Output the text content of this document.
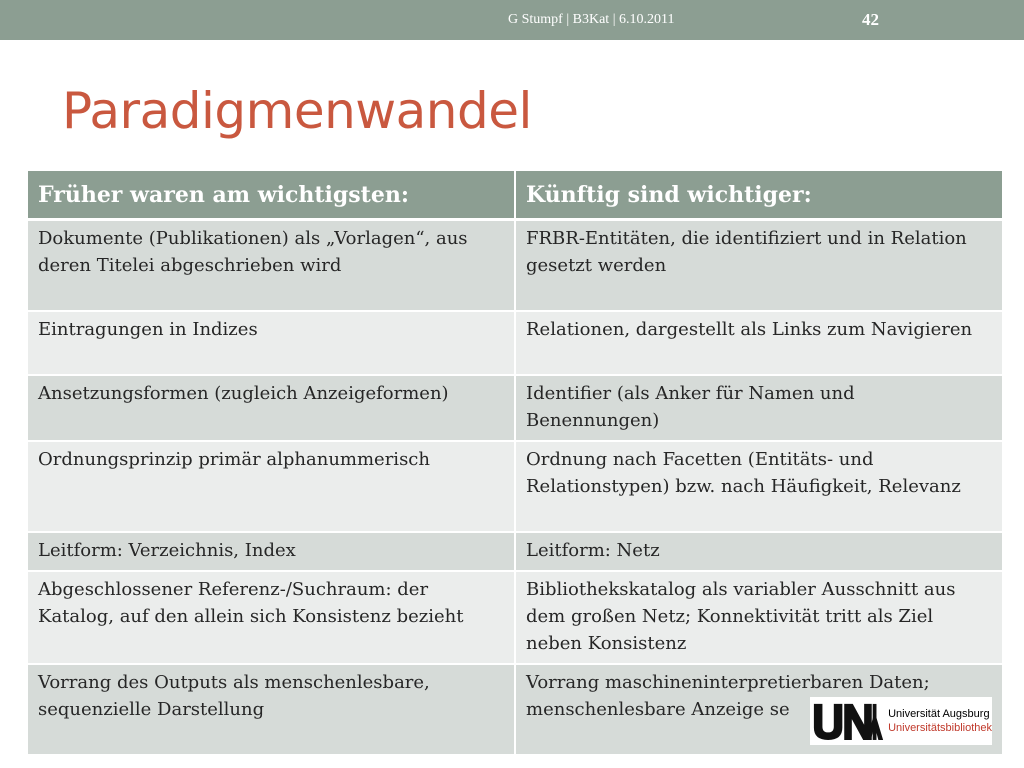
G Stumpf | B3Kat | 6.10.2011	42
Paradigmenwandel
Früher waren am wichtigsten:	Künftig sind wichtiger:
Dokumente (Publikationen) als „Vorlagen“, aus deren Titelei abgeschrieben wird	FRBR-Entitäten, die identifiziert und in Relation gesetzt werden
Eintragungen in Indizes	Relationen, dargestellt als Links zum Navigieren
Ansetzungsformen (zugleich Anzeigeformen)	Identifier (als Anker für Namen und Benennungen)
Ordnungsprinzip primär alphanummerisch	Ordnung nach Facetten (Entitäts- und Relationstypen) bzw. nach Häufigkeit, Relevanz
Leitform: Verzeichnis, Index	Leitform: Netz
Abgeschlossener Referenz-/Suchraum: der Katalog, auf den allein sich Konsistenz bezieht	Bibliothekskatalog als variabler Ausschnitt aus dem großen Netz; Konnektivität tritt als Ziel neben Konsistenz
Vorrang des Outputs als menschenlesbare, sequenzielle Darstellung	Vorrang maschineninterpretierbaren Daten; menschenlesbare Anzeige se	Universität Augsburg
Universitätsbibliothek
